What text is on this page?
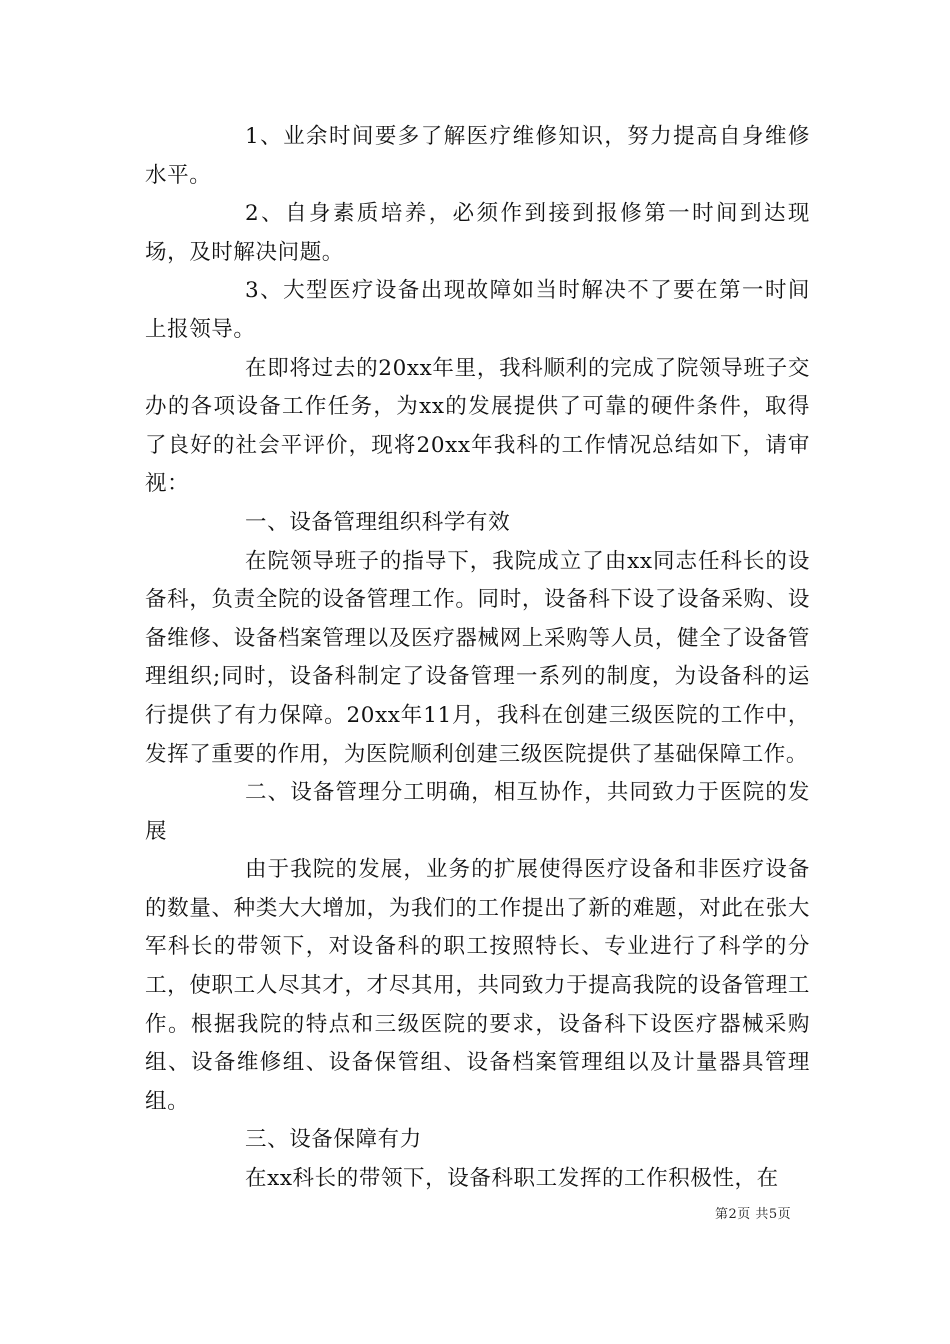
1、业余时间要多了解医疗维修知识，努力提高自身维修水平。

2、自身素质培养，必须作到接到报修第一时间到达现场，及时解决问题。

3、大型医疗设备出现故障如当时解决不了要在第一时间上报领导。

在即将过去的20xx年里，我科顺利的完成了院领导班子交办的各项设备工作任务，为xx的发展提供了可靠的硬件条件，取得了良好的社会平评价，现将20xx年我科的工作情况总结如下，请审视：

一、设备管理组织科学有效

在院领导班子的指导下，我院成立了由xx同志任科长的设备科，负责全院的设备管理工作。同时，设备科下设了设备采购、设备维修、设备档案管理以及医疗器械网上采购等人员，健全了设备管理组织;同时，设备科制定了设备管理一系列的制度，为设备科的运行提供了有力保障。20xx年11月，我科在创建三级医院的工作中，发挥了重要的作用，为医院顺利创建三级医院提供了基础保障工作。

二、设备管理分工明确，相互协作，共同致力于医院的发展

由于我院的发展，业务的扩展使得医疗设备和非医疗设备的数量、种类大大增加，为我们的工作提出了新的难题，对此在张大军科长的带领下，对设备科的职工按照特长、专业进行了科学的分工，使职工人尽其才，才尽其用，共同致力于提高我院的设备管理工作。根据我院的特点和三级医院的要求，设备科下设医疗器械采购组、设备维修组、设备保管组、设备档案管理组以及计量器具管理组。

三、设备保障有力

在xx科长的带领下，设备科职工发挥的工作积极性，在

第2页 共5页
